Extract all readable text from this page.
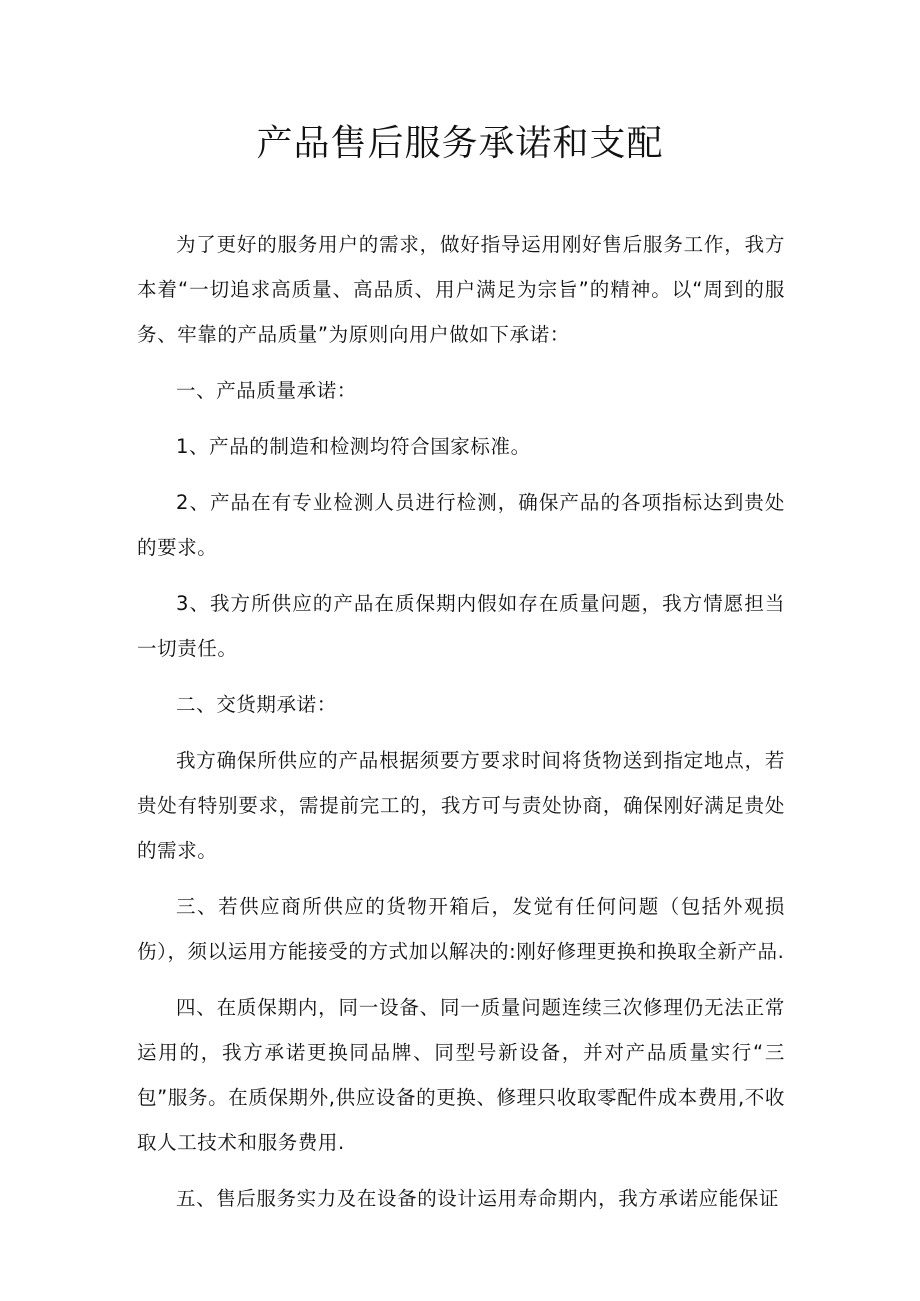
产品售后服务承诺和支配

为了更好的服务用户的需求，做好指导运用刚好售后服务工作，我方本着“一切追求高质量、高品质、用户满足为宗旨”的精神。以“周到的服务、牢靠的产品质量”为原则向用户做如下承诺：

一、产品质量承诺：

1、产品的制造和检测均符合国家标准。

2、产品在有专业检测人员进行检测，确保产品的各项指标达到贵处的要求。

3、我方所供应的产品在质保期内假如存在质量问题，我方情愿担当一切责任。

二、交货期承诺：

我方确保所供应的产品根据须要方要求时间将货物送到指定地点，若贵处有特别要求，需提前完工的，我方可与责处协商，确保刚好满足贵处的需求。

三、若供应商所供应的货物开箱后，发觉有任何问题（包括外观损伤），须以运用方能接受的方式加以解决的:刚好修理更换和换取全新产品.

四、在质保期内，同一设备、同一质量问题连续三次修理仍无法正常运用的，我方承诺更换同品牌、同型号新设备，并对产品质量实行“三包”服务。在质保期外,供应设备的更换、修理只收取零配件成本费用,不收取人工技术和服务费用.

五、售后服务实力及在设备的设计运用寿命期内，我方承诺应能保证
